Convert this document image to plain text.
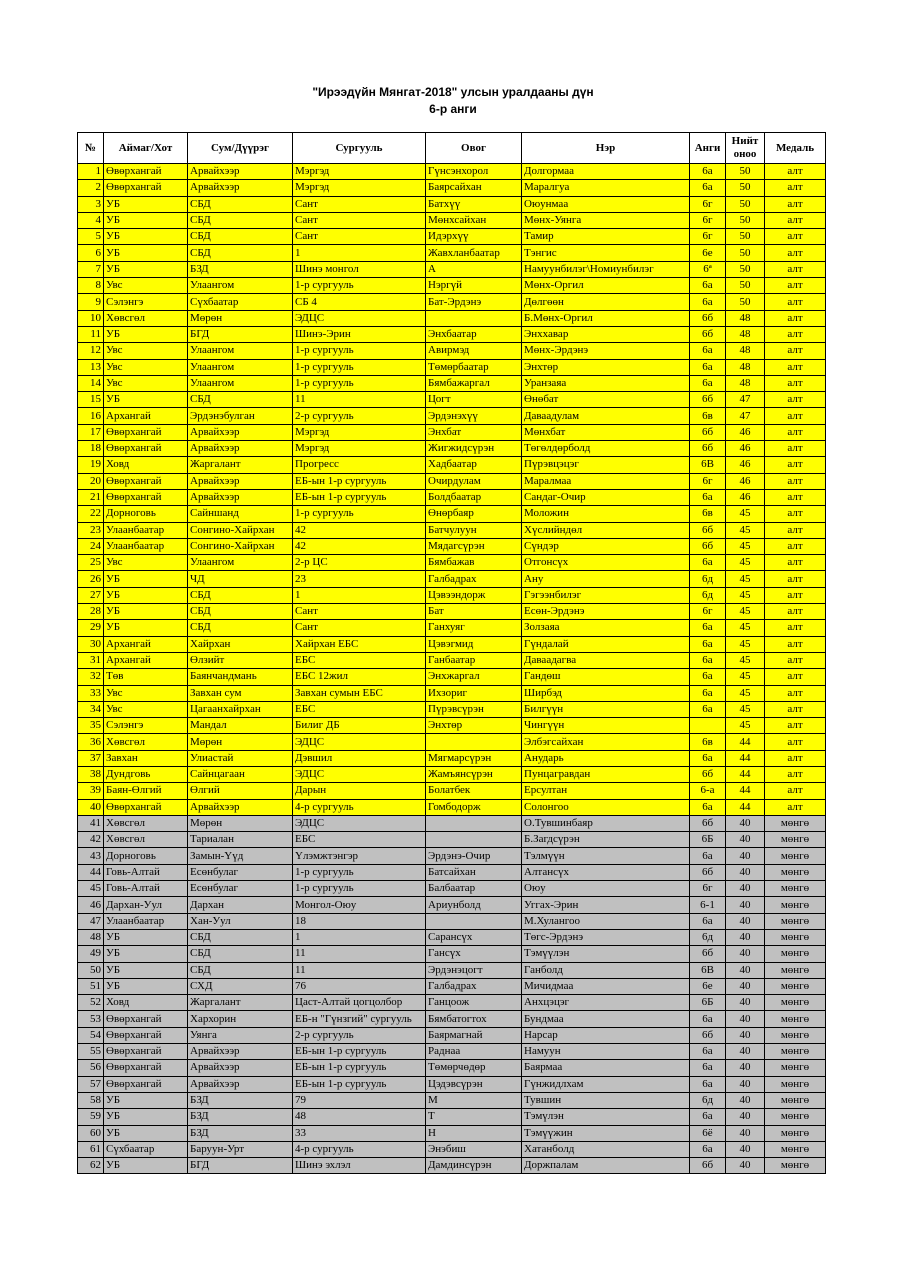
"Ирээдүйн Мянгат-2018" улсын уралдааны дүн
6-р анги
№	Аймаг/Хот	Сум/Дүүрэг	Сургууль	Овог	Нэр	Анги	Нийт оноо	Медаль
1	Өвөрхангай	Арвайхээр	Мэргэд	Гүнсэнхорол	Долгормаа	6а	50	алт
2	Өвөрхангай	Арвайхээр	Мэргэд	Баярсайхан	Маралгуа	6а	50	алт
3	УБ	СБД	Сант	Батхүү	Оюунмаа	6г	50	алт
4	УБ	СБД	Сант	Мөнхсайхан	Мөнх-Уянга	6г	50	алт
5	УБ	СБД	Сант	Идэрхүү	Тамир	6г	50	алт
6	УБ	СБД	1	Жавхланбаатар	Тэнгис	6е	50	алт
7	УБ	БЗД	Шинэ монгол	А	Намуунбилэг\Номиунбилэг	6ª	50	алт
8	Увс	Улаангом	1-р сургууль	Нэргүй	Мөнх-Оргил	6а	50	алт
9	Сэлэнгэ	Сүхбаатар	СБ 4	Бат-Эрдэнэ	Дөлгөөн	6а	50	алт
10	Хөвсгөл	Мөрөн	ЭДЦС		Б.Мөнх-Оргил	6б	48	алт
11	УБ	БГД	Шинэ-Эрин	Энхбаатар	Энххавар	6б	48	алт
12	Увс	Улаангом	1-р сургууль	Авирмэд	Мөнх-Эрдэнэ	6а	48	алт
13	Увс	Улаангом	1-р сургууль	Төмөрбаатар	Энхтөр	6а	48	алт
14	Увс	Улаангом	1-р сургууль	Бямбажаргал	Уранзаяа	6а	48	алт
15	УБ	СБД	11	Цогт	Өнөбат	6б	47	алт
16	Архангай	Эрдэнэбулган	2-р сургууль	Эрдэнэхүү	Даваадулам	6в	47	алт
17	Өвөрхангай	Арвайхээр	Мэргэд	Энхбат	Мөнхбат	6б	46	алт
18	Өвөрхангай	Арвайхээр	Мэргэд	Жигжидсүрэн	Төгөлдөрболд	6б	46	алт
19	Ховд	Жаргалант	Прогресс	Хадбаатар	Пүрэвцэцэг	6В	46	алт
20	Өвөрхангай	Арвайхээр	ЕБ-ын 1-р сургууль	Очирдулам	Маралмаа	6г	46	алт
21	Өвөрхангай	Арвайхээр	ЕБ-ын 1-р сургууль	Болдбаатар	Сандаг-Очир	6а	46	алт
22	Дорноговь	Сайншанд	1-р сургууль	Өнөрбаяр	Моложин	6в	45	алт
23	Улаанбаатар	Сонгино-Хайрхан	42	Батчулуун	Хүслийндөл	6б	45	алт
24	Улаанбаатар	Сонгино-Хайрхан	42	Мядагсүрэн	Сүндэр	6б	45	алт
25	Увс	Улаангом	2-р ЦС	Бямбажав	Отгонсүх	6а	45	алт
26	УБ	ЧД	23	Галбадрах	Ану	6д	45	алт
27	УБ	СБД	1	Цэвээндорж	Гэгээнбилэг	6д	45	алт
28	УБ	СБД	Сант	Бат	Есөн-Эрдэнэ	6г	45	алт
29	УБ	СБД	Сант	Ганхуяг	Золзаяа	6а	45	алт
30	Архангай	Хайрхан	Хайрхан ЕБС	Цэвэгмид	Гүндалай	6а	45	алт
31	Архангай	Өлзийт	ЕБС	Ганбаатар	Даваадагва	6а	45	алт
32	Төв	Баянчандмань	ЕБС 12жил	Энхжаргал	Гандөш	6а	45	алт
33	Увс	Завхан сум	Завхан сумын ЕБС	Ихзориг	Ширбэд	6а	45	алт
34	Увс	Цагаанхайрхан	ЕБС	Пүрэвсүрэн	Билгүүн	6а	45	алт
35	Сэлэнгэ	Мандал	Билиг ДБ	Энхтөр	Чингүүн		45	алт
36	Хөвсгөл	Мөрөн	ЭДЦС		Элбэгсайхан	6в	44	алт
37	Завхан	Улиастай	Дэвшил	Мягмарсүрэн	Анударь	6а	44	алт
38	Дундговь	Сайнцагаан	ЭДЦС	Жамъянсүрэн	Пунцагравдан	6б	44	алт
39	Баян-Өлгий	Өлгий	Дарын	Болатбек	Ерсултан	6-а	44	алт
40	Өвөрхангай	Арвайхээр	4-р сургууль	Гомбодорж	Солонгоо	6а	44	алт
41	Хөвсгөл	Мөрөн	ЭДЦС		О.Тувшинбаяр	6б	40	мөнгө
42	Хөвсгөл	Тариалан	ЕБС		Б.Загдсүрэн	6Б	40	мөнгө
43	Дорноговь	Замын-Үүд	Үлэмжтэнгэр	Эрдэнэ-Очир	Тэлмүүн	6а	40	мөнгө
44	Говь-Алтай	Есөнбулаг	1-р сургууль	Батсайхан	Алтансүх	6б	40	мөнгө
45	Говь-Алтай	Есөнбулаг	1-р сургууль	Балбаатар	Оюу	6г	40	мөнгө
46	Дархан-Уул	Дархан	Монгол-Оюу	Ариунболд	Уггах-Эрин	6-1	40	мөнгө
47	Улаанбаатар	Хан-Уул	18		М.Хулангоо	6а	40	мөнгө
48	УБ	СБД	1	Сарансүх	Төгс-Эрдэнэ	6д	40	мөнгө
49	УБ	СБД	11	Гансүх	Тэмүүлэн	6б	40	мөнгө
50	УБ	СБД	11	Эрдэнэцогт	Ганболд	6В	40	мөнгө
51	УБ	СХД	76	Галбадрах	Мичидмаа	6е	40	мөнгө
52	Ховд	Жаргалант	Цаст-Алтай цогцолбор	Ганцоож	Анхцэцэг	6Б	40	мөнгө
53	Өвөрхангай	Хархорин	ЕБ-н "Гүнзгий" сургууль	Бямбатогтох	Бундмаа	6а	40	мөнгө
54	Өвөрхангай	Уянга	2-р сургууль	Баярмагнай	Нарсар	6б	40	мөнгө
55	Өвөрхангай	Арвайхээр	ЕБ-ын 1-р сургууль	Раднаа	Намуун	6а	40	мөнгө
56	Өвөрхангай	Арвайхээр	ЕБ-ын 1-р сургууль	Төмөрчөдөр	Баярмаа	6а	40	мөнгө
57	Өвөрхангай	Арвайхээр	ЕБ-ын 1-р сургууль	Цэдэвсүрэн	Гүнжидлхам	6а	40	мөнгө
58	УБ	БЗД	79	М	Тувшин	6д	40	мөнгө
59	УБ	БЗД	48	Т	Тэмүлэн	6а	40	мөнгө
60	УБ	БЗД	33	Н	Тэмүүжин	6ё	40	мөнгө
61	Сүхбаатар	Баруун-Урт	4-р сургууль	Энэбиш	Хатанболд	6а	40	мөнгө
62	УБ	БГД	Шинэ эхлэл	Дамдинсүрэн	Доржпалам	6б	40	мөнгө
